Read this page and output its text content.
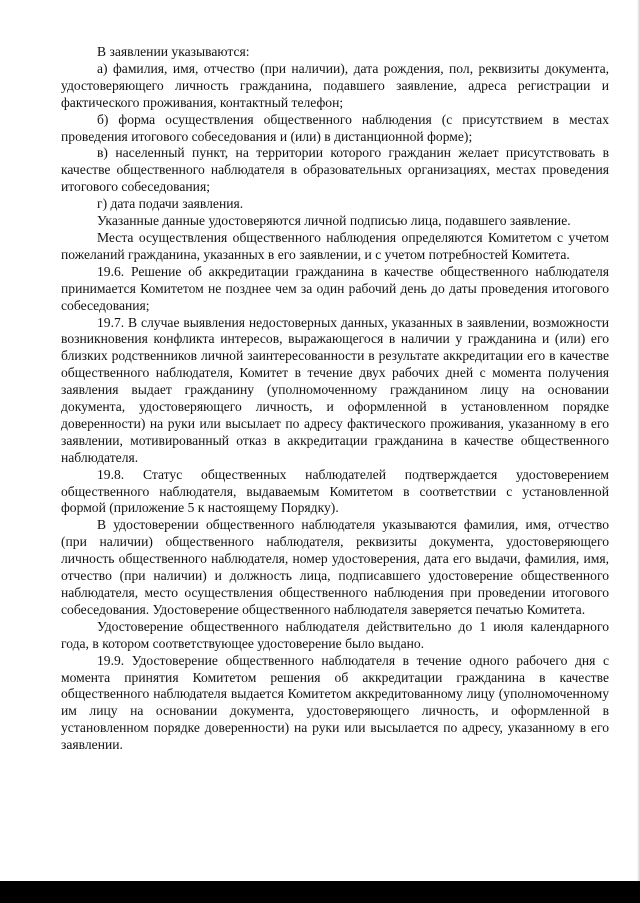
В заявлении указываются:

а) фамилия, имя, отчество (при наличии), дата рождения, пол, реквизиты документа, удостоверяющего личность гражданина, подавшего заявление, адреса регистрации и фактического проживания, контактный телефон;

б) форма осуществления общественного наблюдения (с присутствием в местах проведения итогового собеседования и (или) в дистанционной форме);

в) населенный пункт, на территории которого гражданин желает присутствовать в качестве общественного наблюдателя в образовательных организациях, местах проведения итогового собеседования;

г) дата подачи заявления.

Указанные данные удостоверяются личной подписью лица, подавшего заявление.

Места осуществления общественного наблюдения определяются Комитетом с учетом пожеланий гражданина, указанных в его заявлении, и с учетом потребностей Комитета.

19.6. Решение об аккредитации гражданина в качестве общественного наблюдателя принимается Комитетом не позднее чем за один рабочий день до даты проведения итогового собеседования;

19.7. В случае выявления недостоверных данных, указанных в заявлении, возможности возникновения конфликта интересов, выражающегося в наличии у гражданина и (или) его близких родственников личной заинтересованности в результате аккредитации его в качестве общественного наблюдателя, Комитет в течение двух рабочих дней с момента получения заявления выдает гражданину (уполномоченному гражданином лицу на основании документа, удостоверяющего личность, и оформленной в установленном порядке доверенности) на руки или высылает по адресу фактического проживания, указанному в его заявлении, мотивированный отказ в аккредитации гражданина в качестве общественного наблюдателя.

19.8. Статус общественных наблюдателей подтверждается удостоверением общественного наблюдателя, выдаваемым Комитетом в соответствии с установленной формой (приложение 5 к настоящему Порядку).

В удостоверении общественного наблюдателя указываются фамилия, имя, отчество (при наличии) общественного наблюдателя, реквизиты документа, удостоверяющего личность общественного наблюдателя, номер удостоверения, дата его выдачи, фамилия, имя, отчество (при наличии) и должность лица, подписавшего удостоверение общественного наблюдателя, место осуществления общественного наблюдения при проведении итогового собеседования. Удостоверение общественного наблюдателя заверяется печатью Комитета.

Удостоверение общественного наблюдателя действительно до 1 июля календарного года, в котором соответствующее удостоверение было выдано.

19.9. Удостоверение общественного наблюдателя в течение одного рабочего дня с момента принятия Комитетом решения об аккредитации гражданина в качестве общественного наблюдателя выдается Комитетом аккредитованному лицу (уполномоченному им лицу на основании документа, удостоверяющего личность, и оформленной в установленном порядке доверенности) на руки или высылается по адресу, указанному в его заявлении.
